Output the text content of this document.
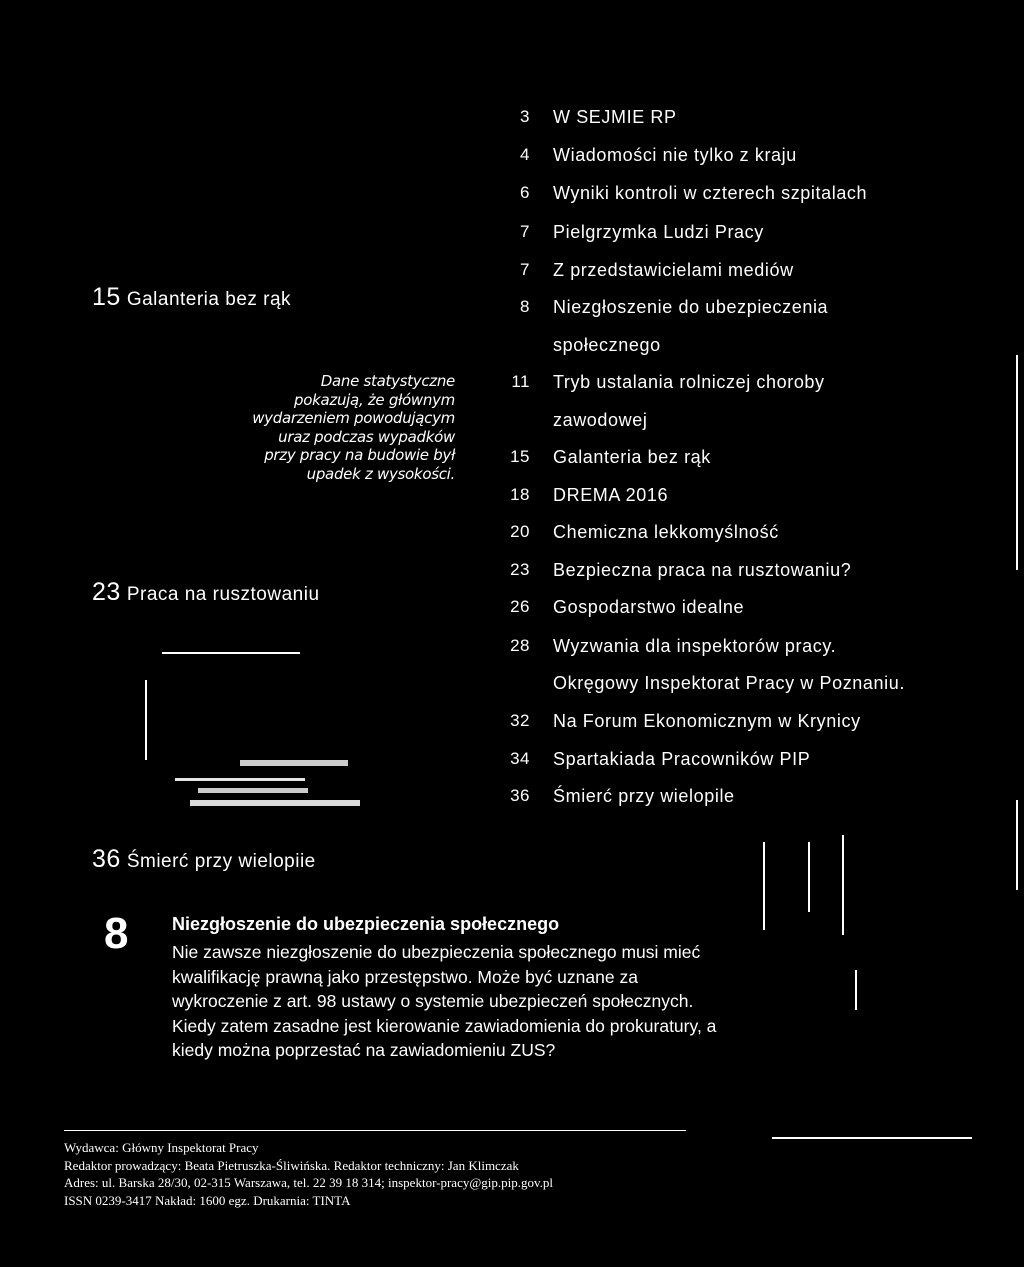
3 W SEJMIE RP
4 Wiadomości nie tylko z kraju
6 Wyniki kontroli w czterech szpitalach
7 Pielgrzymka Ludzi Pracy
7 Z przedstawicielami mediów
8 Niezgłoszenie do ubezpieczenia
społecznego
11 Tryb ustalania rolniczej choroby
zawodowej
15 Galanteria bez rąk
18 DREMA 2016
20 Chemiczna lekkomyślność
23 Bezpieczna praca na rusztowaniu?
26 Gospodarstwo idealne
28 Wyzwania dla inspektorów pracy.
Okręgowy Inspektorat Pracy w Poznaniu.
32 Na Forum Ekonomicznym w Krynicy
34 Spartakiada Pracowników PIP
36 Śmierć przy wielopile
15 Galanteria bez rąk
Dane statystyczne pokazują, że głównym wydarzeniem powodującym uraz podczas wypadków przy pracy na budowie był upadek z wysokości.
23 Praca na rusztowaniu
36 Śmierć przy wielopiie
8 Niezgłoszenie do ubezpieczenia społecznego
Nie zawsze niezgłoszenie do ubezpieczenia społecznego musi mieć kwalifikację prawną jako przestępstwo. Może być uznane za wykroczenie z art. 98 ustawy o systemie ubezpieczeń społecznych. Kiedy zatem zasadne jest kierowanie zawiadomienia do prokuratury, a kiedy można poprzestać na zawiadomieniu ZUS?
Wydawca: Główny Inspektorat Pracy
Redaktor prowadzący: Beata Pietruszka-Śliwińska. Redaktor techniczny: Jan Klimczak
Adres: ul. Barska 28/30, 02-315 Warszawa, tel. 22 39 18 314; inspektor-pracy@gip.pip.gov.pl
ISSN 0239-3417 Nakład: 1600 egz. Drukarnia: TINTA
